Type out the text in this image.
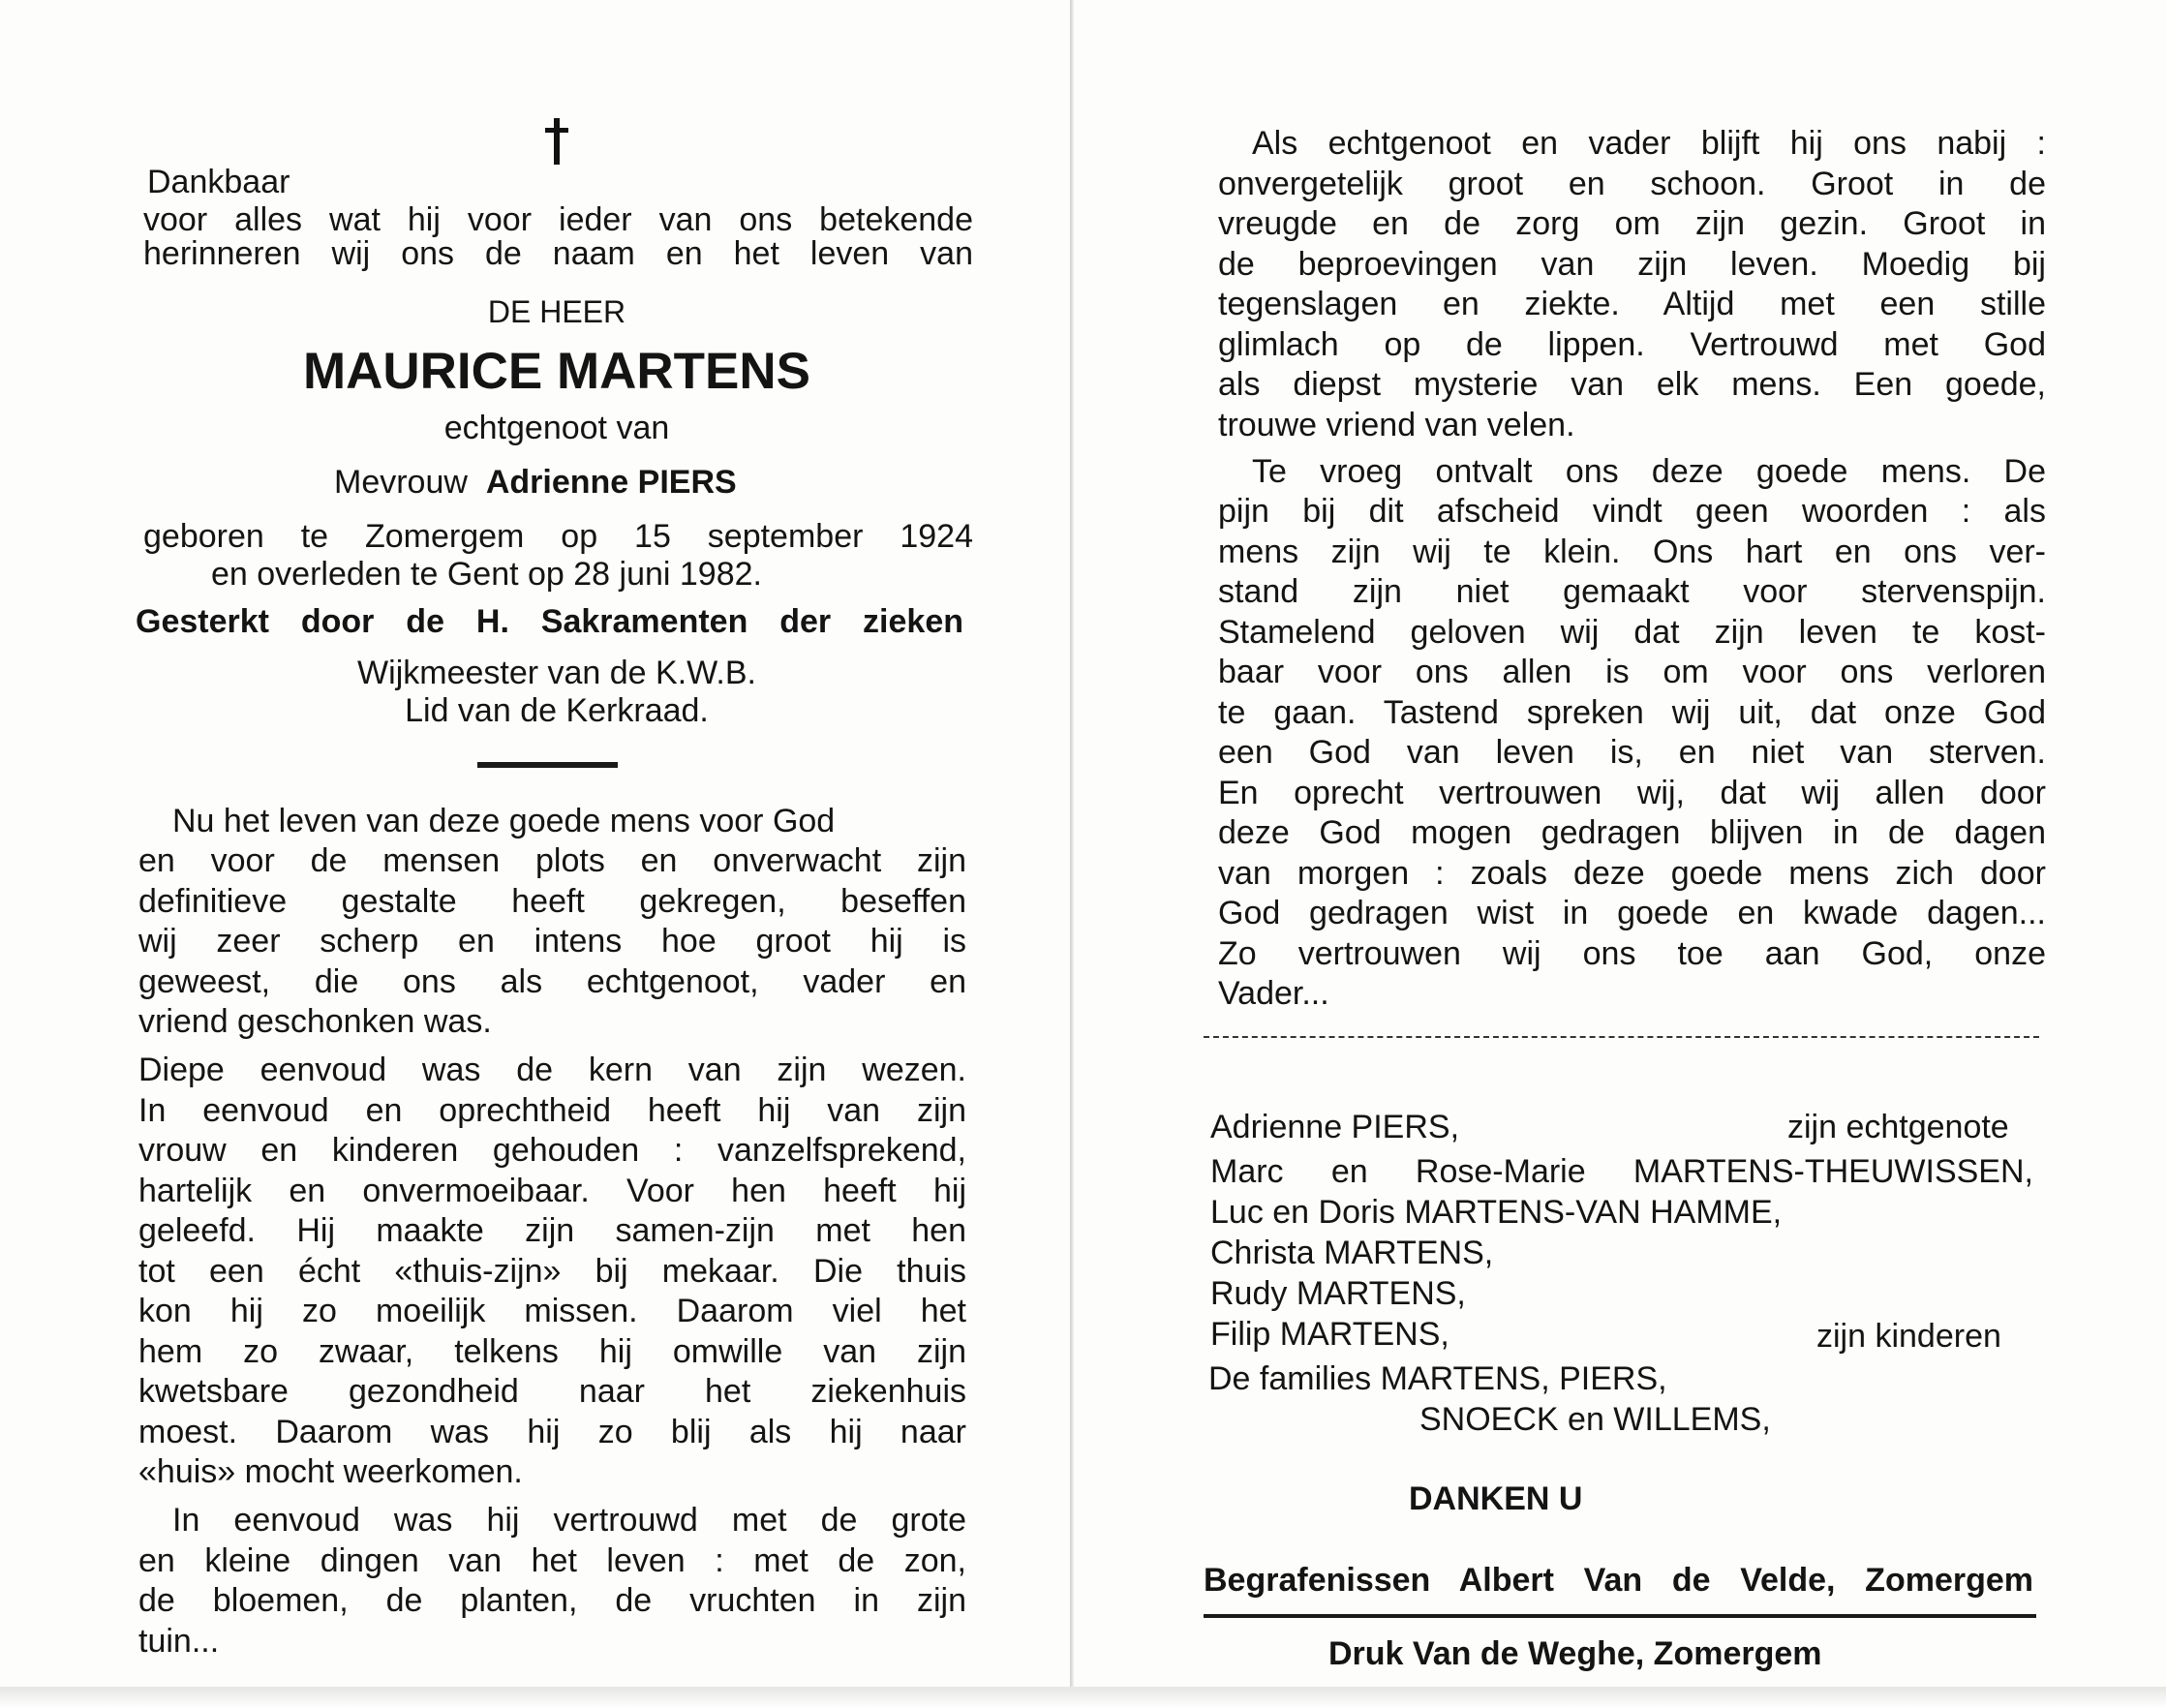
Dankbaar
voor alles wat hij voor ieder van ons betekende
herinneren wij ons de naam en het leven van
DE HEER
MAURICE MARTENS
echtgenoot van
Mevrouw Adrienne PIERS
geboren te Zomergem op 15 september 1924
en overleden te Gent op 28 juni 1982.
Gesterkt door de H. Sakramenten der zieken
Wijkmeester van de K.W.B.
Lid van de Kerkraad.
Nu het leven van deze goede mens voor God
en voor de mensen plots en onverwacht zijn
definitieve gestalte heeft gekregen, beseffen
wij zeer scherp en intens hoe groot hij is
geweest, die ons als echtgenoot, vader en
vriend geschonken was.
Diepe eenvoud was de kern van zijn wezen.
In eenvoud en oprechtheid heeft hij van zijn
vrouw en kinderen gehouden : vanzelfsprekend,
hartelijk en onvermoeibaar. Voor hen heeft hij
geleefd. Hij maakte zijn samen-zijn met hen
tot een écht «thuis-zijn» bij mekaar. Die thuis
kon hij zo moeilijk missen. Daarom viel het
hem zo zwaar, telkens hij omwille van zijn
kwetsbare gezondheid naar het ziekenhuis
moest. Daarom was hij zo blij als hij naar
«huis» mocht weerkomen.
In eenvoud was hij vertrouwd met de grote
en kleine dingen van het leven : met de zon,
de bloemen, de planten, de vruchten in zijn
tuin...
Als echtgenoot en vader blijft hij ons nabij :
onvergetelijk groot en schoon. Groot in de
vreugde en de zorg om zijn gezin. Groot in
de beproevingen van zijn leven. Moedig bij
tegenslagen en ziekte. Altijd met een stille
glimlach op de lippen. Vertrouwd met God
als diepst mysterie van elk mens. Een goede,
trouwe vriend van velen.
Te vroeg ontvalt ons deze goede mens. De
pijn bij dit afscheid vindt geen woorden : als
mens zijn wij te klein. Ons hart en ons ver-
stand zijn niet gemaakt voor stervenspijn.
Stamelend geloven wij dat zijn leven te kost-
baar voor ons allen is om voor ons verloren
te gaan. Tastend spreken wij uit, dat onze God
een God van leven is, en niet van sterven.
En oprecht vertrouwen wij, dat wij allen door
deze God mogen gedragen blijven in de dagen
van morgen : zoals deze goede mens zich door
God gedragen wist in goede en kwade dagen...
Zo vertrouwen wij ons toe aan God, onze
Vader...
Adrienne PIERS,	zijn echtgenote
Marc en Rose-Marie MARTENS-THEUWISSEN,
Luc en Doris MARTENS-VAN HAMME,
Christa MARTENS,
Rudy MARTENS,
Filip MARTENS,	zijn kinderen
De families MARTENS, PIERS,
SNOECK en WILLEMS,
DANKEN U
Begrafenissen Albert Van de Velde, Zomergem
Druk Van de Weghe, Zomergem
